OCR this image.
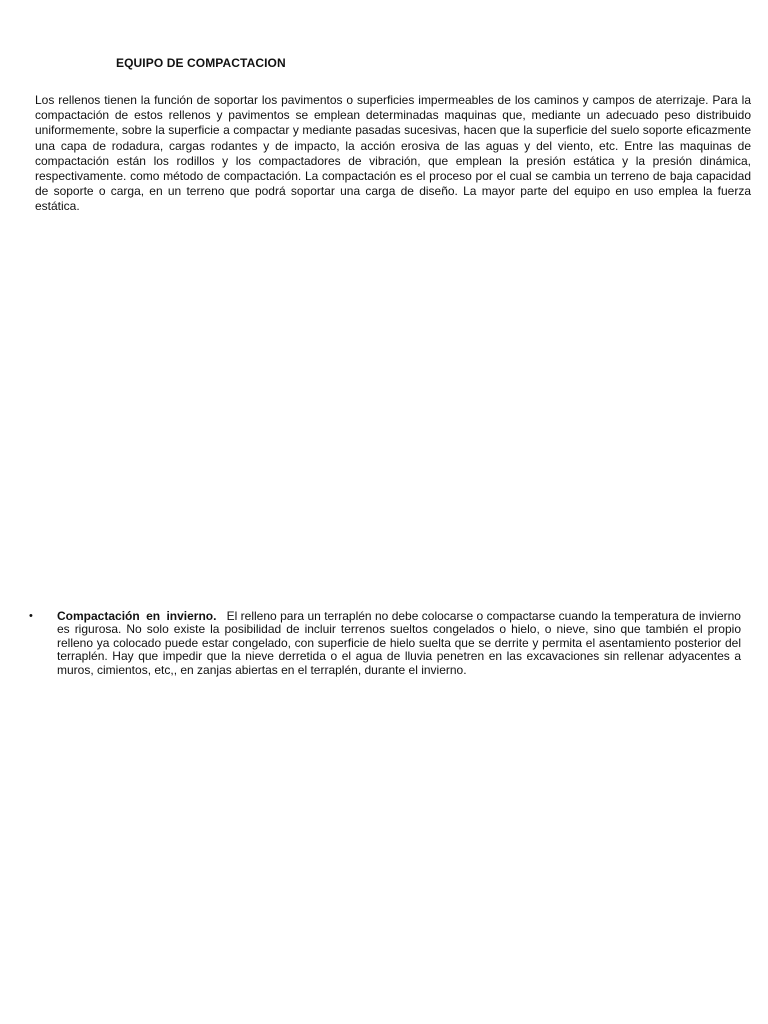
EQUIPO DE COMPACTACION

Los rellenos tienen la función de soportar los pavimentos o superficies impermeables de los caminos y campos de aterrizaje. Para la compactación de estos rellenos y pavimentos se emplean determinadas maquinas que, mediante un adecuado peso distribuido uniformemente, sobre la superficie a compactar y mediante pasadas sucesivas, hacen que la superficie del suelo soporte eficazmente una capa de rodadura, cargas rodantes y de impacto, la acción erosiva de las aguas y del viento, etc. Entre las maquinas de compactación están los rodillos y los compactadores de vibración, que emplean la presión estática y la presión dinámica, respectivamente. como método de compactación. La compactación es el proceso por el cual se cambia un terreno de baja capacidad de soporte o carga, en un terreno que podrá soportar una carga de diseño. La mayor parte del equipo en uso emplea la fuerza estática.

• Compactación en invierno. El relleno para un terraplén no debe colocarse o compactarse cuando la temperatura de invierno es rigurosa. No solo existe la posibilidad de incluir terrenos sueltos congelados o hielo, o nieve, sino que también el propio relleno ya colocado puede estar congelado, con superficie de hielo suelta que se derrite y permita el asentamiento posterior del terraplén. Hay que impedir que la nieve derretida o el agua de lluvia penetren en las excavaciones sin rellenar adyacentes a muros, cimientos, etc,, en zanjas abiertas en el terraplén, durante el invierno.
